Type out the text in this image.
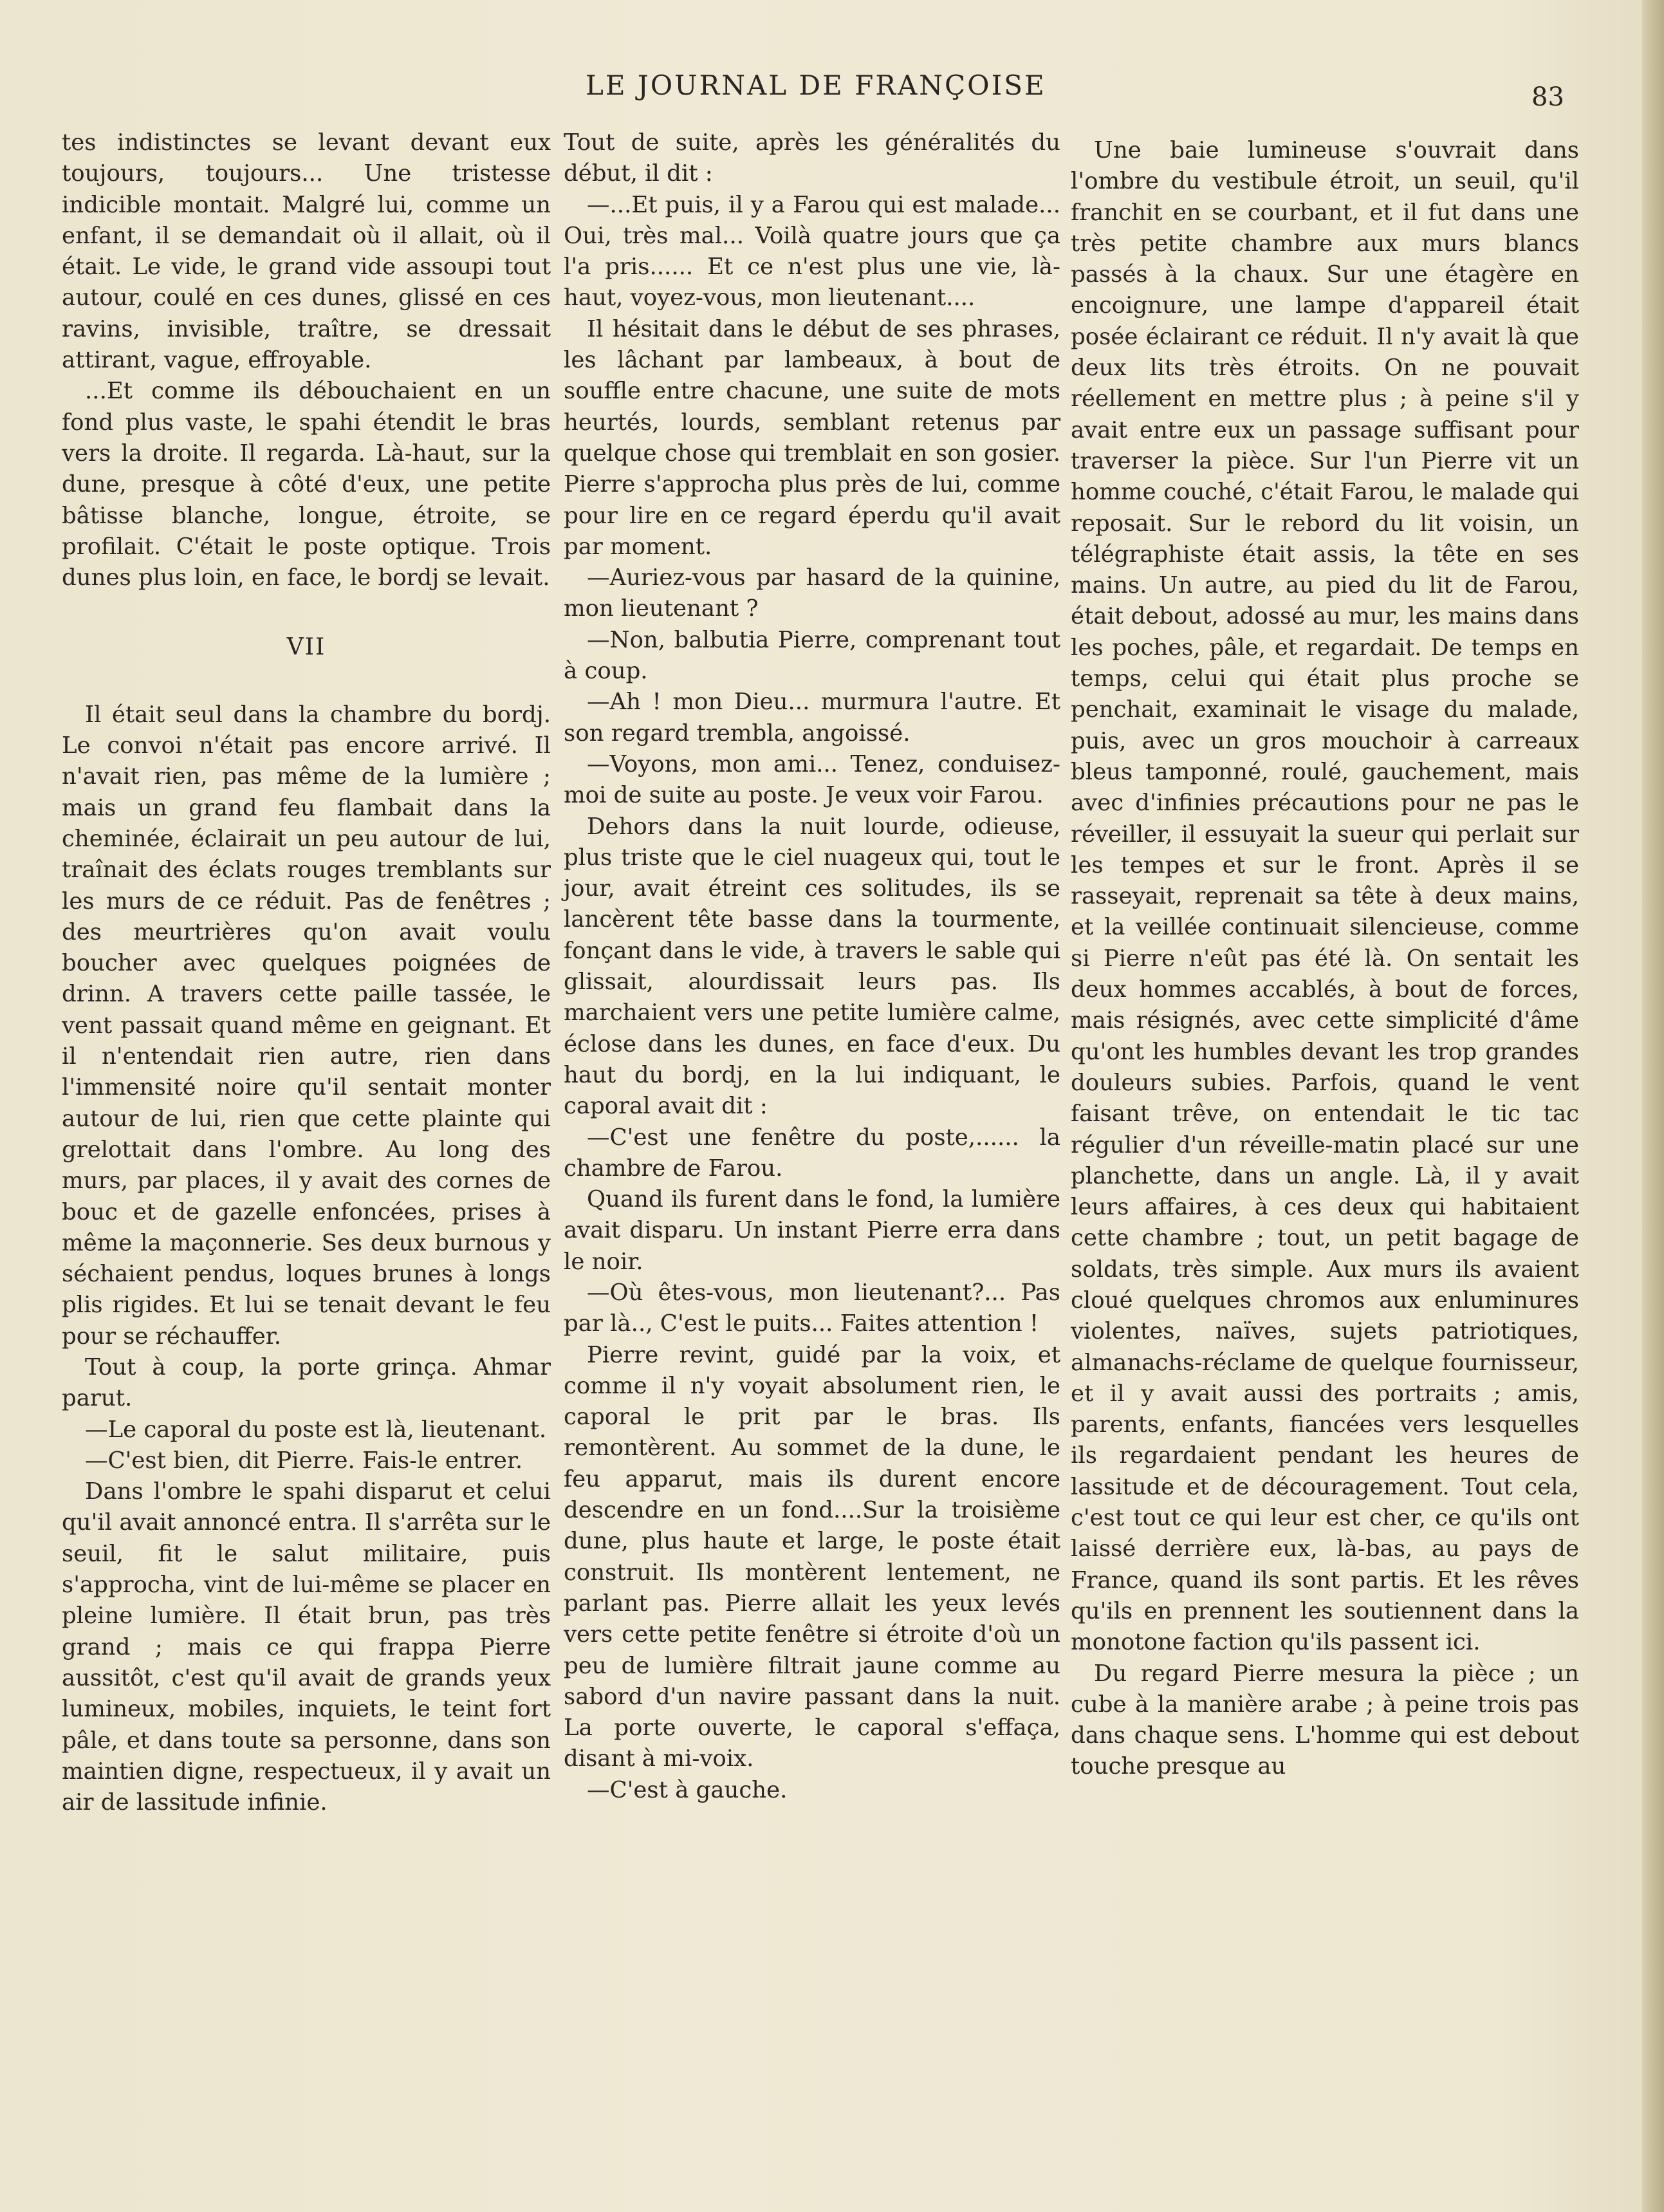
LE JOURNAL DE FRANÇOISE	83

tes indistinctes se levant devant eux toujours, toujours... Une tristesse indicible montait. Malgré lui, comme un enfant, il se demandait où il allait, où il était. Le vide, le grand vide assoupi tout autour, coulé en ces dunes, glissé en ces ravins, invisible, traître, se dressait attirant, vague, effroyable.

...Et comme ils débouchaient en un fond plus vaste, le spahi étendit le bras vers la droite. Il regarda. Là-haut, sur la dune, presque à côté d'eux, une petite bâtisse blanche, longue, étroite, se profilait. C'était le poste optique. Trois dunes plus loin, en face, le bordj se levait.

VII

Il était seul dans la chambre du bordj. Le convoi n'était pas encore arrivé. Il n'avait rien, pas même de la lumière ; mais un grand feu flambait dans la cheminée, éclairait un peu autour de lui, traînait des éclats rouges tremblants sur les murs de ce réduit. Pas de fenêtres ; des meurtrières qu'on avait voulu boucher avec quelques poignées de drinn. A travers cette paille tassée, le vent passait quand même en geignant. Et il n'entendait rien autre, rien dans l'immensité noire qu'il sentait monter autour de lui, rien que cette plainte qui grelottait dans l'ombre. Au long des murs, par places, il y avait des cornes de bouc et de gazelle enfoncées, prises à même la maçonnerie. Ses deux burnous y séchaient pendus, loques brunes à longs plis rigides. Et lui se tenait devant le feu pour se réchauffer.

Tout à coup, la porte grinça. Ahmar parut.

—Le caporal du poste est là, lieutenant.

—C'est bien, dit Pierre. Fais-le entrer.

Dans l'ombre le spahi disparut et celui qu'il avait annoncé entra. Il s'arrêta sur le seuil, fit le salut militaire, puis s'approcha, vint de lui-même se placer en pleine lumière. Il était brun, pas très grand ; mais ce qui frappa Pierre aussitôt, c'est qu'il avait de grands yeux lumineux, mobiles, inquiets, le teint fort pâle, et dans toute sa personne, dans son maintien digne, respectueux, il y avait un air de lassitude infinie.

Tout de suite, après les généralités du début, il dit :

—...Et puis, il y a Farou qui est malade... Oui, très mal... Voilà quatre jours que ça l'a pris...... Et ce n'est plus une vie, là-haut, voyez-vous, mon lieutenant....

Il hésitait dans le début de ses phrases, les lâchant par lambeaux, à bout de souffle entre chacune, une suite de mots heurtés, lourds, semblant retenus par quelque chose qui tremblait en son gosier. Pierre s'approcha plus près de lui, comme pour lire en ce regard éperdu qu'il avait par moment.

—Auriez-vous par hasard de la quinine, mon lieutenant ?

—Non, balbutia Pierre, comprenant tout à coup.

—Ah ! mon Dieu... murmura l'autre. Et son regard trembla, angoissé.

—Voyons, mon ami... Tenez, conduisez-moi de suite au poste. Je veux voir Farou.

Dehors dans la nuit lourde, odieuse, plus triste que le ciel nuageux qui, tout le jour, avait étreint ces solitudes, ils se lancèrent tête basse dans la tourmente, fonçant dans le vide, à travers le sable qui glissait, alourdissait leurs pas. Ils marchaient vers une petite lumière calme, éclose dans les dunes, en face d'eux. Du haut du bordj, en la lui indiquant, le caporal avait dit :

—C'est une fenêtre du poste,...... la chambre de Farou.

Quand ils furent dans le fond, la lumière avait disparu. Un instant Pierre erra dans le noir.

—Où êtes-vous, mon lieutenant?... Pas par là.., C'est le puits... Faites attention !

Pierre revint, guidé par la voix, et comme il n'y voyait absolument rien, le caporal le prit par le bras. Ils remontèrent. Au sommet de la dune, le feu apparut, mais ils durent encore descendre en un fond....Sur la troisième dune, plus haute et large, le poste était construit. Ils montèrent lentement, ne parlant pas. Pierre allait les yeux levés vers cette petite fenêtre si étroite d'où un peu de lumière filtrait jaune comme au sabord d'un navire passant dans la nuit. La porte ouverte, le caporal s'effaça, disant à mi-voix.

—C'est à gauche.

Une baie lumineuse s'ouvrait dans l'ombre du vestibule étroit, un seuil, qu'il franchit en se courbant, et il fut dans une très petite chambre aux murs blancs passés à la chaux. Sur une étagère en encoignure, une lampe d'appareil était posée éclairant ce réduit. Il n'y avait là que deux lits très étroits. On ne pouvait réellement en mettre plus ; à peine s'il y avait entre eux un passage suffisant pour traverser la pièce. Sur l'un Pierre vit un homme couché, c'était Farou, le malade qui reposait. Sur le rebord du lit voisin, un télégraphiste était assis, la tête en ses mains. Un autre, au pied du lit de Farou, était debout, adossé au mur, les mains dans les poches, pâle, et regardait. De temps en temps, celui qui était plus proche se penchait, examinait le visage du malade, puis, avec un gros mouchoir à carreaux bleus tamponné, roulé, gauchement, mais avec d'infinies précautions pour ne pas le réveiller, il essuyait la sueur qui perlait sur les tempes et sur le front. Après il se rasseyait, reprenait sa tête à deux mains, et la veillée continuait silencieuse, comme si Pierre n'eût pas été là. On sentait les deux hommes accablés, à bout de forces, mais résignés, avec cette simplicité d'âme qu'ont les humbles devant les trop grandes douleurs subies. Parfois, quand le vent faisant trêve, on entendait le tic tac régulier d'un réveille-matin placé sur une planchette, dans un angle. Là, il y avait leurs affaires, à ces deux qui habitaient cette chambre ; tout, un petit bagage de soldats, très simple. Aux murs ils avaient cloué quelques chromos aux enluminures violentes, naïves, sujets patriotiques, almanachs-réclame de quelque fournisseur, et il y avait aussi des portraits ; amis, parents, enfants, fiancées vers lesquelles ils regardaient pendant les heures de lassitude et de découragement. Tout cela, c'est tout ce qui leur est cher, ce qu'ils ont laissé derrière eux, là-bas, au pays de France, quand ils sont partis. Et les rêves qu'ils en prennent les soutiennent dans la monotone faction qu'ils passent ici.

Du regard Pierre mesura la pièce ; un cube à la manière arabe ; à peine trois pas dans chaque sens. L'homme qui est debout touche presque au
